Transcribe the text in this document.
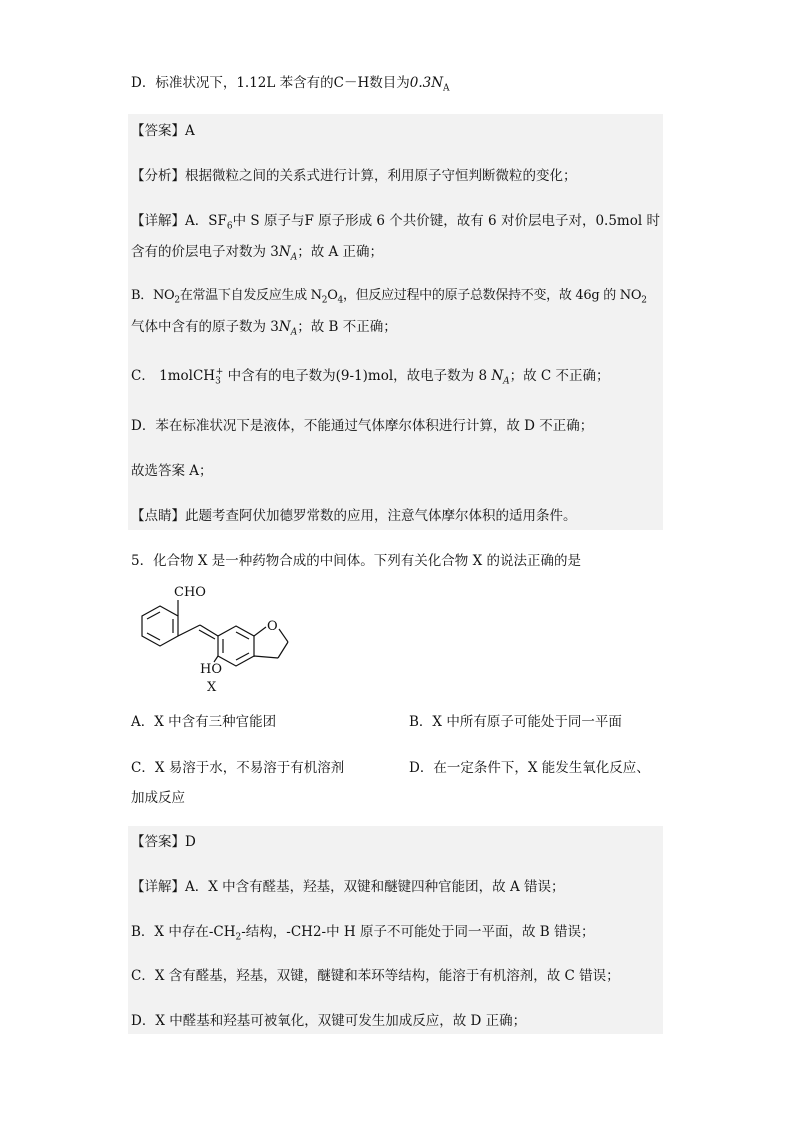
D．标准状况下，1.12L 苯含有的C－H数目为$0.3N_A$
【答案】A
【分析】根据微粒之间的关系式进行计算，利用原子守恒判断微粒的变化；
【详解】A．$SF_6$中 S 原子与F 原子形成 6 个共价键，故有 6 对价层电子对，0.5mol 时
含有的价层电子对数为 $3N_A$；故 A 正确；
B．$NO_2$在常温下自发反应生成 $N_2O_4$，但反应过程中的原子总数保持不变，故 46g 的 $NO_2$
气体中含有的原子数为 $3N_A$；故 B 不正确；
C． 1molCH$_3$+ 中含有的电子数为(9-1)mol，故电子数为 8 $N_A$；故 C 不正确；
D．苯在标准状况下是液体，不能通过气体摩尔体积进行计算，故 D 不正确；
故选答案 A；
【点睛】此题考查阿伏加德罗常数的应用，注意气体摩尔体积的适用条件。
5．化合物 X 是一种药物合成的中间体。下列有关化合物 X 的说法正确的是
CHO
O
HO
X
A．X 中含有三种官能团	B．X 中所有原子可能处于同一平面
C．X 易溶于水，不易溶于有机溶剂	D．在一定条件下，X 能发生氧化反应、
加成反应
【答案】D
【详解】A．X 中含有醛基，羟基，双键和醚键四种官能团，故 A 错误；
B．X 中存在$-CH_2-$结构，-CH2-中 H 原子不可能处于同一平面，故 B 错误；
C．X 含有醛基，羟基，双键，醚键和苯环等结构，能溶于有机溶剂，故 C 错误；
D．X 中醛基和羟基可被氧化，双键可发生加成反应，故 D 正确；
